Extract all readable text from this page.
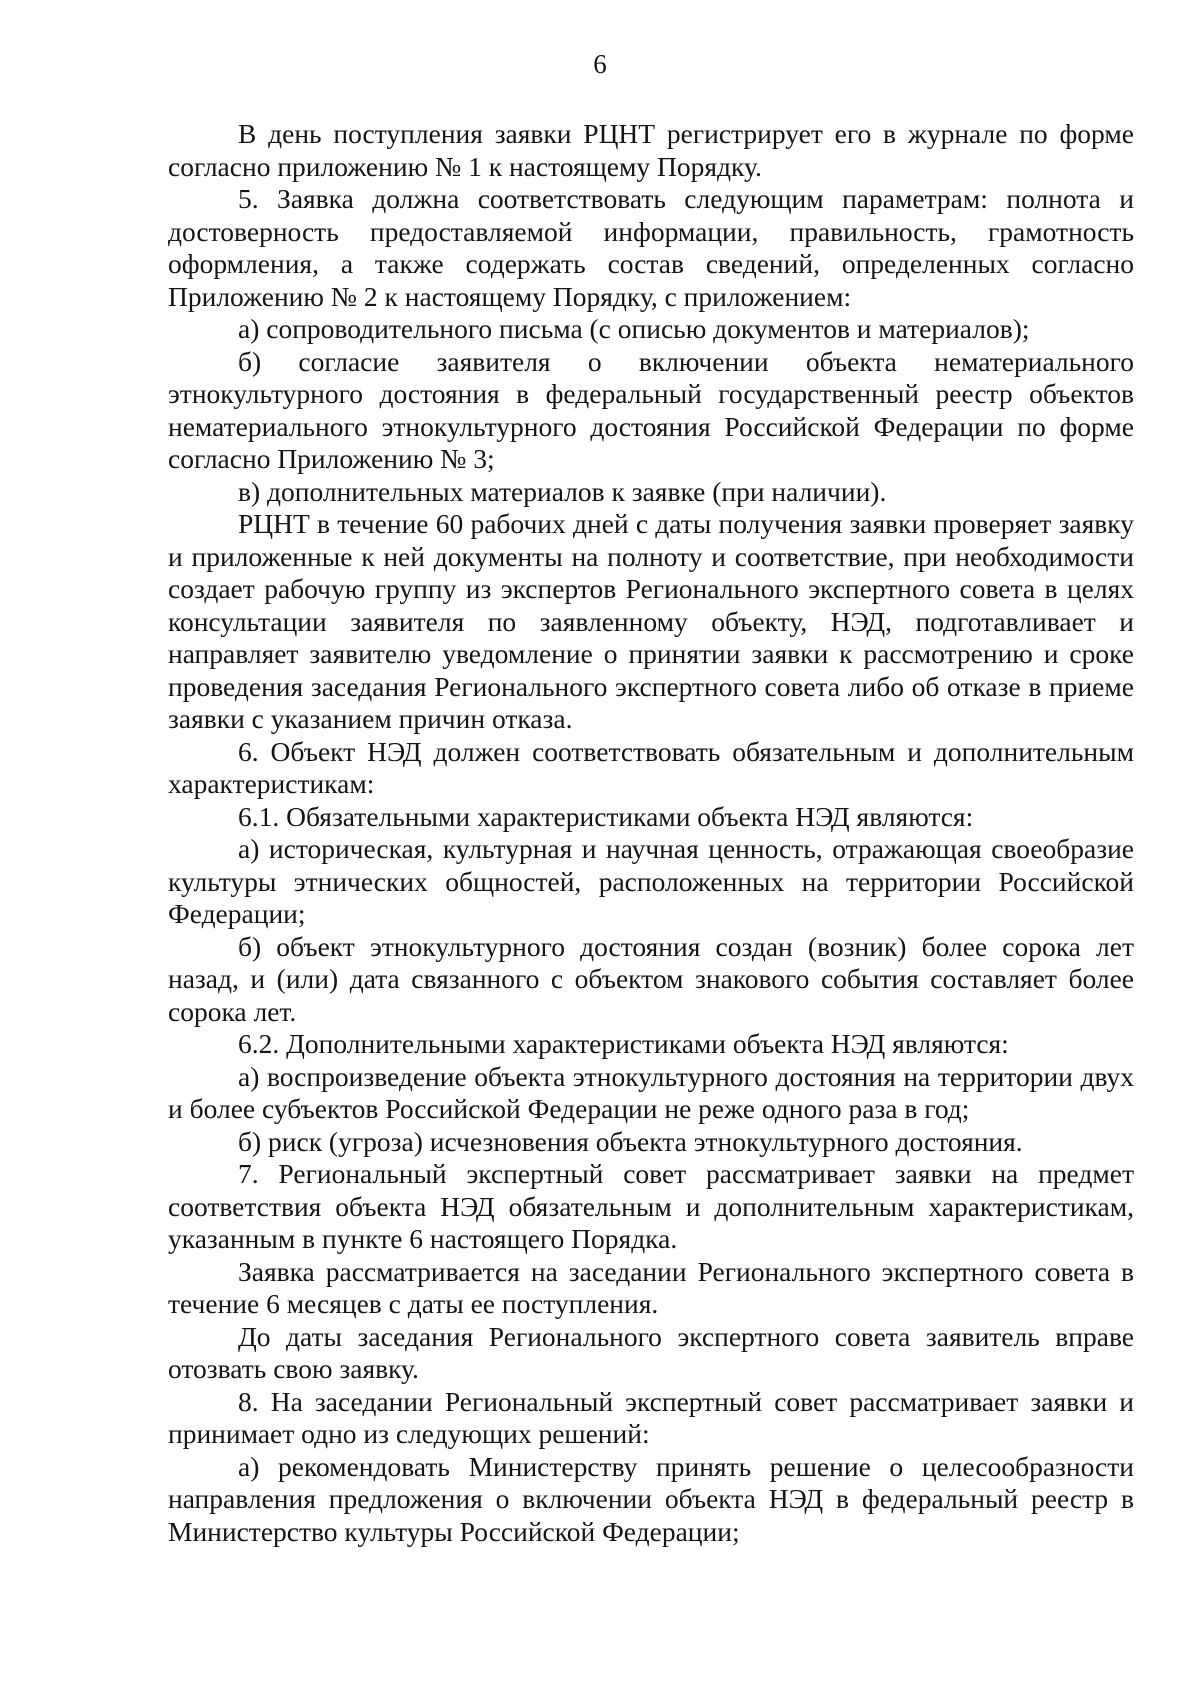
6

В день поступления заявки РЦНТ регистрирует его в журнале по форме согласно приложению № 1 к настоящему Порядку.

5. Заявка должна соответствовать следующим параметрам: полнота и достоверность предоставляемой информации, правильность, грамотность оформления, а также содержать состав сведений, определенных согласно Приложению № 2 к настоящему Порядку, с приложением:

а) сопроводительного письма (с описью документов и материалов);

б) согласие заявителя о включении объекта нематериального этнокультурного достояния в федеральный государственный реестр объектов нематериального этнокультурного достояния Российской Федерации по форме согласно Приложению № 3;

в) дополнительных материалов к заявке (при наличии).

РЦНТ в течение 60 рабочих дней с даты получения заявки проверяет заявку и приложенные к ней документы на полноту и соответствие, при необходимости создает рабочую группу из экспертов Регионального экспертного совета в целях консультации заявителя по заявленному объекту, НЭД, подготавливает и направляет заявителю уведомление о принятии заявки к рассмотрению и сроке проведения заседания Регионального экспертного совета либо об отказе в приеме заявки с указанием причин отказа.

6. Объект НЭД должен соответствовать обязательным и дополнительным характеристикам:

6.1. Обязательными характеристиками объекта НЭД являются:

а) историческая, культурная и научная ценность, отражающая своеобразие культуры этнических общностей, расположенных на территории Российской Федерации;

б) объект этнокультурного достояния создан (возник) более сорока лет назад, и (или) дата связанного с объектом знакового события составляет более сорока лет.

6.2. Дополнительными характеристиками объекта НЭД являются:

а) воспроизведение объекта этнокультурного достояния на территории двух и более субъектов Российской Федерации не реже одного раза в год;

б) риск (угроза) исчезновения объекта этнокультурного достояния.

7. Региональный экспертный совет рассматривает заявки на предмет соответствия объекта НЭД обязательным и дополнительным характеристикам, указанным в пункте 6 настоящего Порядка.

Заявка рассматривается на заседании Регионального экспертного совета в течение 6 месяцев с даты ее поступления.

До даты заседания Регионального экспертного совета заявитель вправе отозвать свою заявку.

8. На заседании Региональный экспертный совет рассматривает заявки и принимает одно из следующих решений:

а) рекомендовать Министерству принять решение о целесообразности направления предложения о включении объекта НЭД в федеральный реестр в Министерство культуры Российской Федерации;
